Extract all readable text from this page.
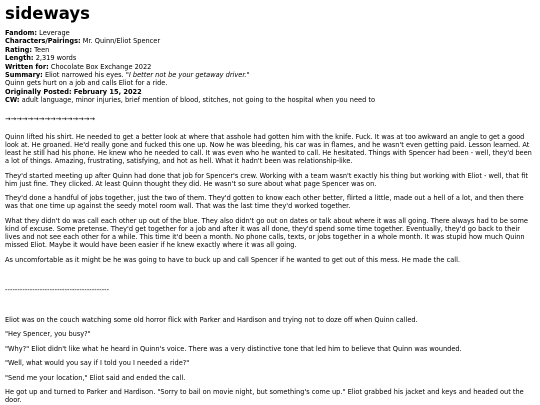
sideways
Fandom: Leverage
Characters/Pairings: Mr. Quinn/Eliot Spencer
Rating: Teen
Length: 2,319 words
Written for: Chocolate Box Exchange 2022
Summary: Eliot narrowed his eyes. "I better not be your getaway driver."
Quinn gets hurt on a job and calls Eliot for a ride.
Originally Posted: February 15, 2022
CW: adult language, minor injuries, brief mention of blood, stitches, not going to the hospital when you need to
→→→→→→→→→→→→→→→→

Quinn lifted his shirt. He needed to get a better look at where that asshole had gotten him with the knife. Fuck. It was at too awkward an angle to get a good look at. He groaned. He'd really gone and fucked this one up. Now he was bleeding, his car was in flames, and he wasn't even getting paid. Lesson learned. At least he still had his phone. He knew who he needed to call. It was even who he wanted to call. He hesitated. Things with Spencer had been - well, they'd been a lot of things. Amazing, frustrating, satisfying, and hot as hell. What it hadn't been was relationship-like.

They'd started meeting up after Quinn had done that job for Spencer's crew. Working with a team wasn't exactly his thing but working with Eliot - well, that fit him just fine. They clicked. At least Quinn thought they did. He wasn't so sure about what page Spencer was on.

They'd done a handful of jobs together, just the two of them. They'd gotten to know each other better, flirted a little, made out a hell of a lot, and then there was that one time up against the seedy motel room wall. That was the last time they'd worked together.

What they didn't do was call each other up out of the blue. They also didn't go out on dates or talk about where it was all going. There always had to be some kind of excuse. Some pretense. They'd get together for a job and after it was all done, they'd spend some time together. Eventually, they'd go back to their lives and not see each other for a while. This time it'd been a month. No phone calls, texts, or jobs together in a whole month. It was stupid how much Quinn missed Eliot. Maybe it would have been easier if he knew exactly where it was all going.

As uncomfortable as it might be he was going to have to buck up and call Spencer if he wanted to get out of this mess. He made the call.

------------------------------------------

Eliot was on the couch watching some old horror flick with Parker and Hardison and trying not to doze off when Quinn called.

"Hey Spencer, you busy?"

"Why?" Eliot didn't like what he heard in Quinn's voice. There was a very distinctive tone that led him to believe that Quinn was wounded.

"Well, what would you say if I told you I needed a ride?"

"Send me your location," Eliot said and ended the call.

He got up and turned to Parker and Hardison. "Sorry to bail on movie night, but something's come up." Eliot grabbed his jacket and keys and headed out the door.
